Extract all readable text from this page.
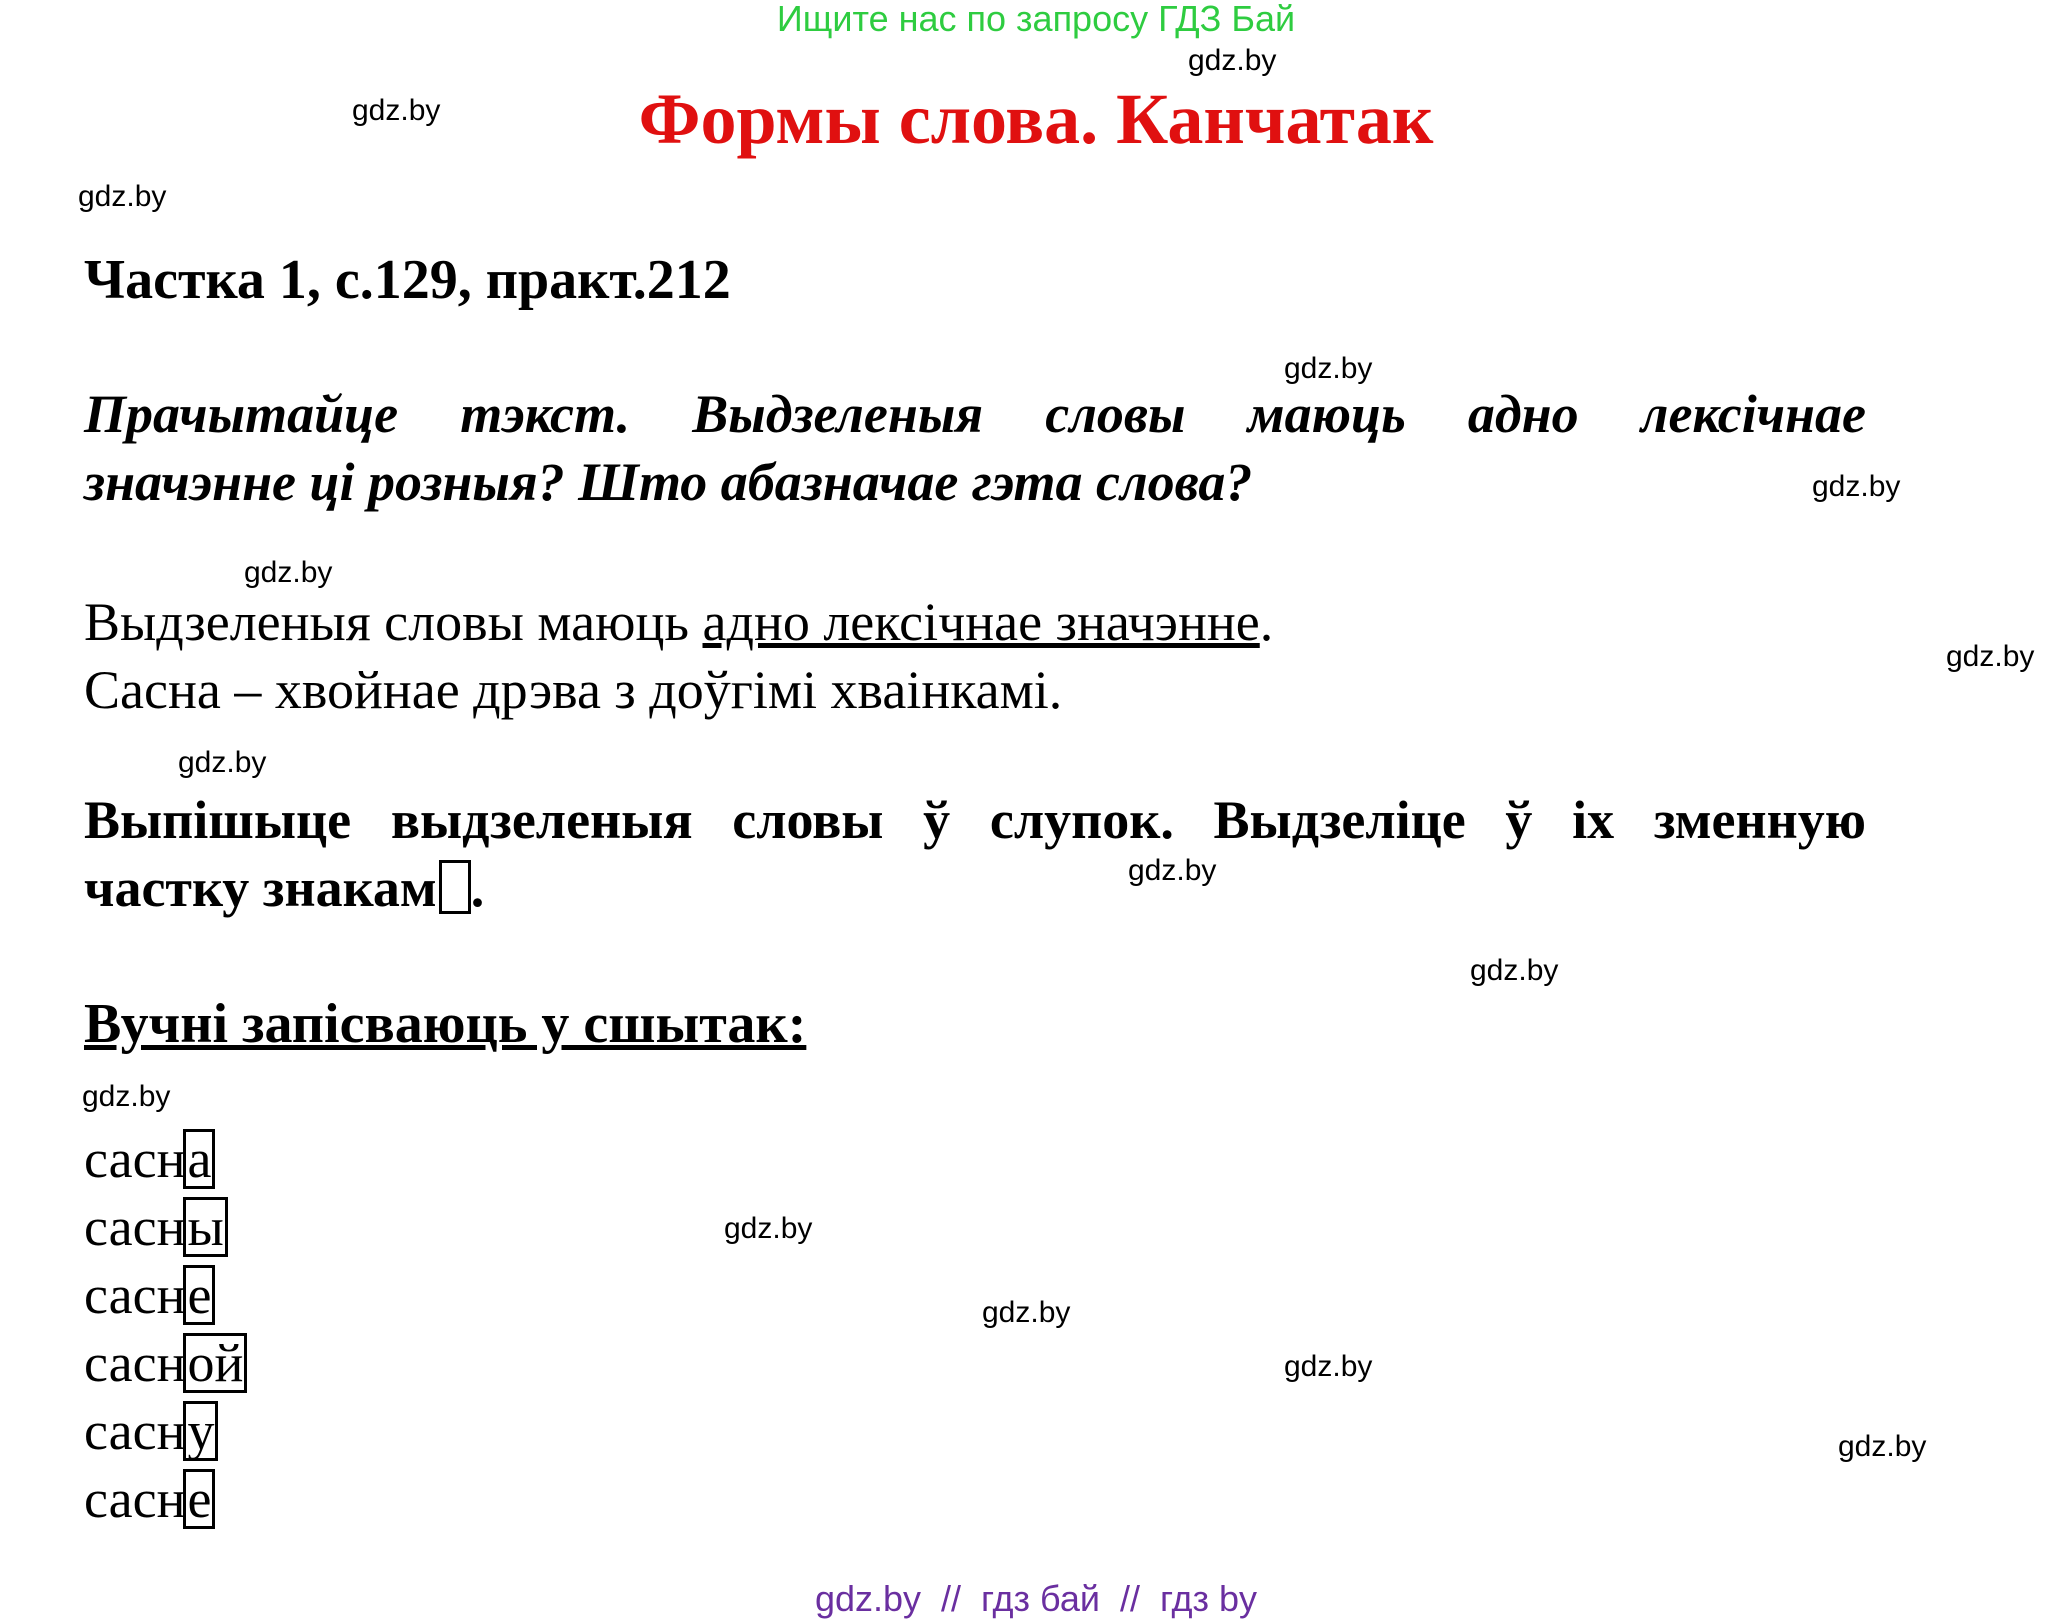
Ищите нас по запросу ГДЗ Бай
gdz.by
gdz.by
gdz.by
gdz.by
gdz.by
gdz.by
gdz.by
gdz.by
gdz.by
gdz.by
gdz.by
gdz.by
gdz.by
gdz.by
gdz.by
Формы слова. Канчатак
Частка 1, с.129, практ.212
Прачытайце тэкст. Выдзеленыя словы маюць адно лексічнае
значэнне ці розныя? Што абазначае гэта слова?
Выдзеленыя словы маюць адно лексічнае значэнне.
Сасна – хвойнае дрэва з доўгімі хваінкамі.
Выпішыце выдзеленыя словы ў слупок. Выдзеліце ў іх зменную
частку знакам .
Вучні запісваюць у сшытак:
сасна
сасны
сасне
сасной
сасну
сасне
gdz.by  //  гдз бай  //  гдз by
